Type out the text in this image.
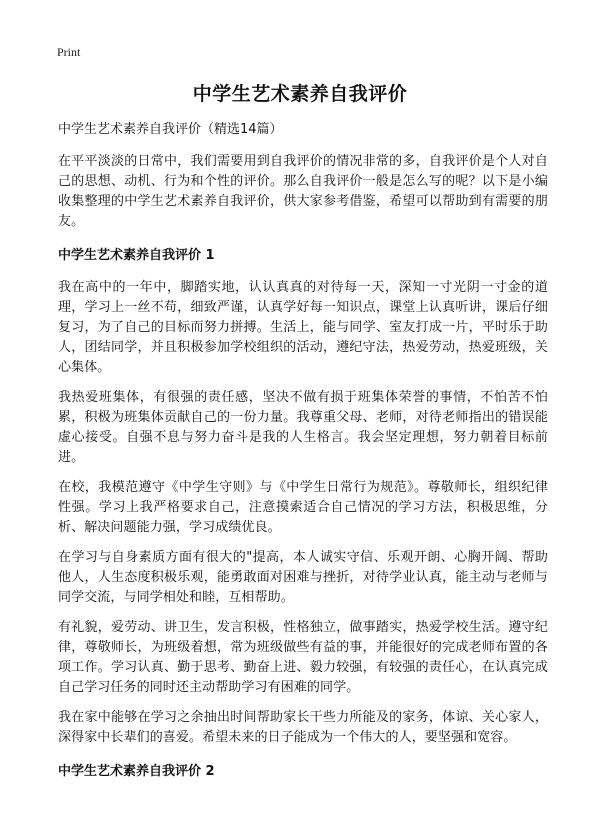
Print
中学生艺术素养自我评价

中学生艺术素养自我评价（精选14篇）

在平平淡淡的日常中，我们需要用到自我评价的情况非常的多，自我评价是个人对自己的思想、动机、行为和个性的评价。那么自我评价一般是怎么写的呢？以下是小编收集整理的中学生艺术素养自我评价，供大家参考借鉴，希望可以帮助到有需要的朋友。

中学生艺术素养自我评价 1

我在高中的一年中，脚踏实地，认认真真的对待每一天，深知一寸光阴一寸金的道理，学习上一丝不苟，细致严谨，认真学好每一知识点，课堂上认真听讲，课后仔细复习，为了自己的目标而努力拼搏。生活上，能与同学、室友打成一片，平时乐于助人，团结同学，并且积极参加学校组织的活动，遵纪守法，热爱劳动，热爱班级，关心集体。

我热爱班集体，有很强的责任感，坚决不做有损于班集体荣誉的事情，不怕苦不怕累，积极为班集体贡献自己的一份力量。我尊重父母、老师，对待老师指出的错误能虚心接受。自强不息与努力奋斗是我的人生格言。我会坚定理想，努力朝着目标前进。

在校，我模范遵守《中学生守则》与《中学生日常行为规范》。尊敬师长，组织纪律性强。学习上我严格要求自己，注意摸索适合自己情况的学习方法，积极思维，分析、解决问题能力强，学习成绩优良。

在学习与自身素质方面有很大的"提高，本人诚实守信、乐观开朗、心胸开阔、帮助他人，人生态度积极乐观，能勇敢面对困难与挫折，对待学业认真，能主动与老师与同学交流，与同学相处和睦，互相帮助。

有礼貌，爱劳动、讲卫生，发言积极，性格独立，做事踏实，热爱学校生活。遵守纪律，尊敬师长，为班级着想，常为班级做些有益的事，并能很好的完成老师布置的各项工作。学习认真、勤于思考、勤奋上进、毅力较强，有较强的责任心，在认真完成自己学习任务的同时还主动帮助学习有困难的同学。

我在家中能够在学习之余抽出时间帮助家长干些力所能及的家务，体谅、关心家人，深得家中长辈们的喜爱。希望未来的日子能成为一个伟大的人，要坚强和宽容。

中学生艺术素养自我评价 2
